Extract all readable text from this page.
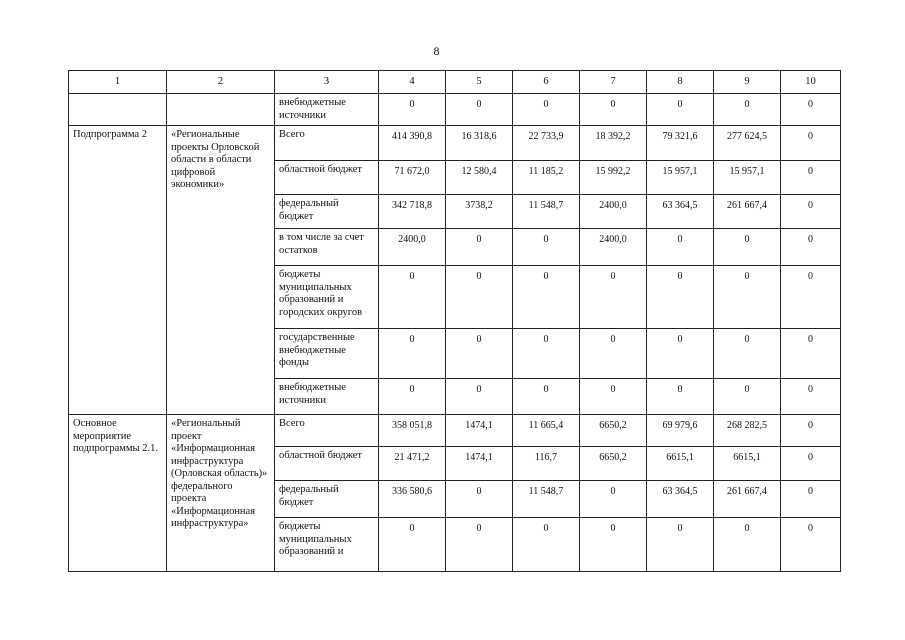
8
1	2	3	4	5	6	7	8	9	10
		внебюджетные источники	0	0	0	0	0	0	0
Подпрограмма 2	«Региональные проекты Орловской области в области цифровой экономики»	Всего	414 390,8	16 318,6	22 733,9	18 392,2	79 321,6	277 624,5	0
		областной бюджет	71 672,0	12 580,4	11 185,2	15 992,2	15 957,1	15 957,1	0
		федеральный бюджет	342 718,8	3738,2	11 548,7	2400,0	63 364,5	261 667,4	0
		в том числе за счет остатков	2400,0	0	0	2400,0	0	0	0
		бюджеты муниципальных образований и городских округов	0	0	0	0	0	0	0
		государственные внебюджетные фонды	0	0	0	0	0	0	0
		внебюджетные источники	0	0	0	0	0	0	0
Основное мероприятие подпрограммы 2.1.	«Региональный проект «Информационная инфраструктура (Орловская область)» федерального проекта «Информационная инфраструктура»	Всего	358 051,8	1474,1	11 665,4	6650,2	69 979,6	268 282,5	0
		областной бюджет	21 471,2	1474,1	116,7	6650,2	6615,1	6615,1	0
		федеральный бюджет	336 580,6	0	11 548,7	0	63 364,5	261 667,4	0
		бюджеты муниципальных образований и	0	0	0	0	0	0	0
